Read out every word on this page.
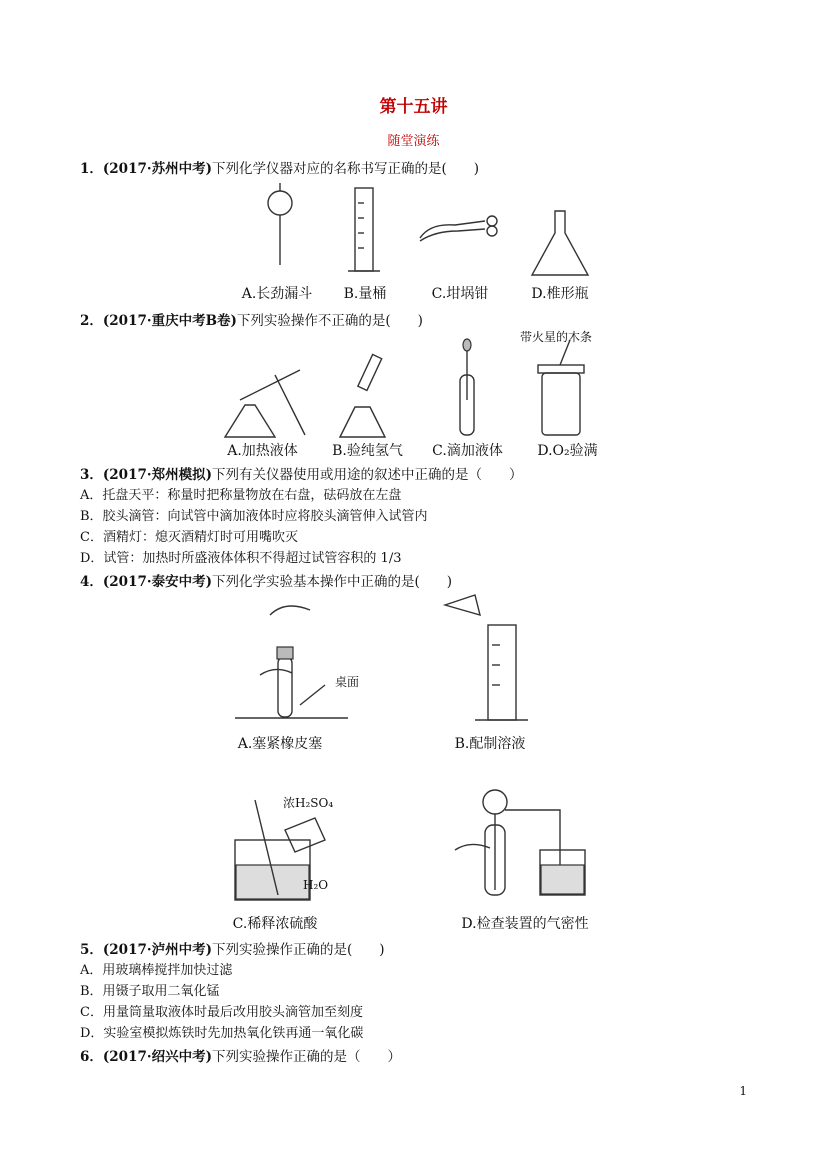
第十五讲
随堂演练
1．(2017·苏州中考)下列化学仪器对应的名称书写正确的是(　　)
A.长劲漏斗	B.量桶	C.坩埚钳	D.椎形瓶
2．(2017·重庆中考B卷)下列实验操作不正确的是(　　)
带火星的木条
A.加热液体	B.验纯氢气	C.滴加液体	D.O₂验满
3．(2017·郑州模拟)下列有关仪器使用或用途的叙述中正确的是（　　）
A．托盘天平：称量时把称量物放在右盘，砝码放在左盘
B．胶头滴管：向试管中滴加液体时应将胶头滴管伸入试管内
C．酒精灯：熄灭酒精灯时可用嘴吹灭
D．试管：加热时所盛液体体积不得超过试管容积的 1/3
4．(2017·泰安中考)下列化学实验基本操作中正确的是(　　)
桌面
A.塞紧橡皮塞	B.配制溶液
浓H₂SO₄
H₂O
C.稀释浓硫酸	D.检查装置的气密性
5．(2017·泸州中考)下列实验操作正确的是(　　)
A．用玻璃棒搅拌加快过滤
B．用镊子取用二氧化锰
C．用量筒量取液体时最后改用胶头滴管加至刻度
D．实验室模拟炼铁时先加热氧化铁再通一氧化碳
6．(2017·绍兴中考)下列实验操作正确的是（　　）
1
